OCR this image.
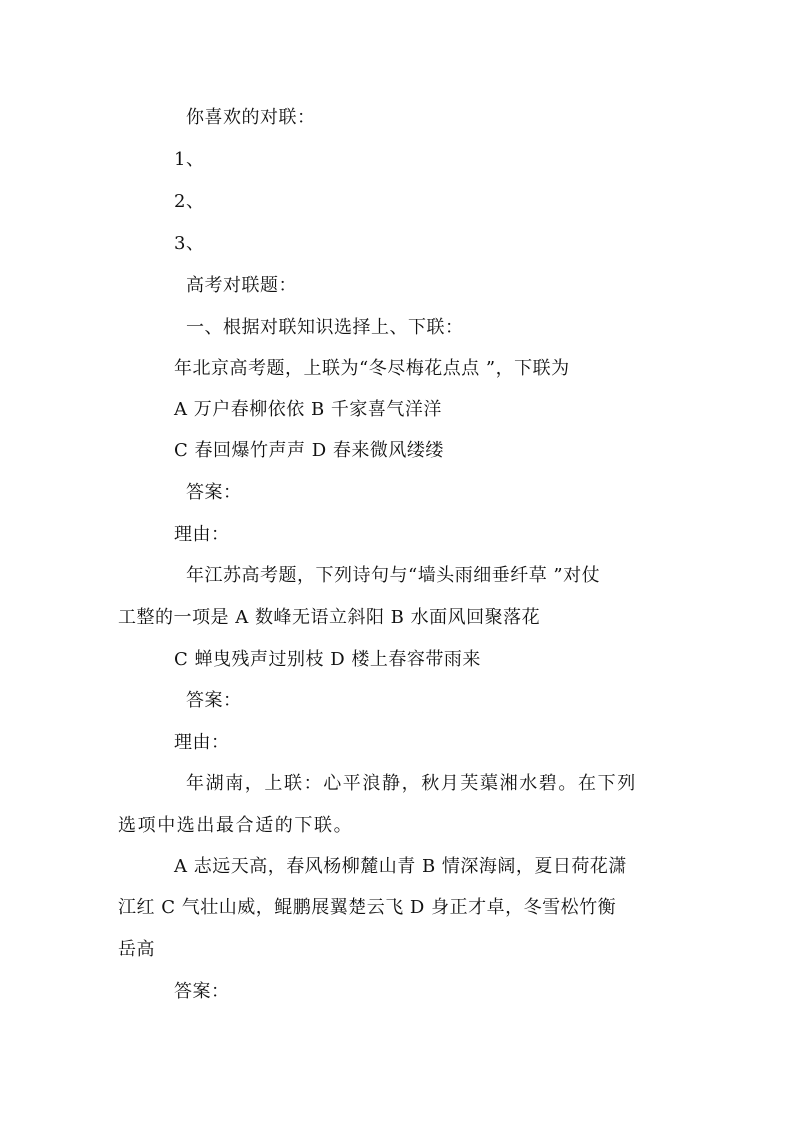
你喜欢的对联：
1、
2、
3、
高考对联题：
一、根据对联知识选择上、下联：
年北京高考题，上联为“冬尽梅花点点 ”，下联为
A 万户春柳依依 B 千家喜气洋洋
C 春回爆竹声声 D 春来微风缕缕
答案：
理由：
年江苏高考题，下列诗句与“墙头雨细垂纤草 ”对仗
工整的一项是 A 数峰无语立斜阳 B 水面风回聚落花
C 蝉曳残声过别枝 D 楼上春容带雨来
答案：
理由：
年湖南，上联：心平浪静，秋月芙蕖湘水碧。在下列
选项中选出最合适的下联。
A 志远天高，春风杨柳麓山青 B 情深海阔，夏日荷花潇
江红 C 气壮山威，鲲鹏展翼楚云飞 D 身正才卓，冬雪松竹衡
岳高
答案：
